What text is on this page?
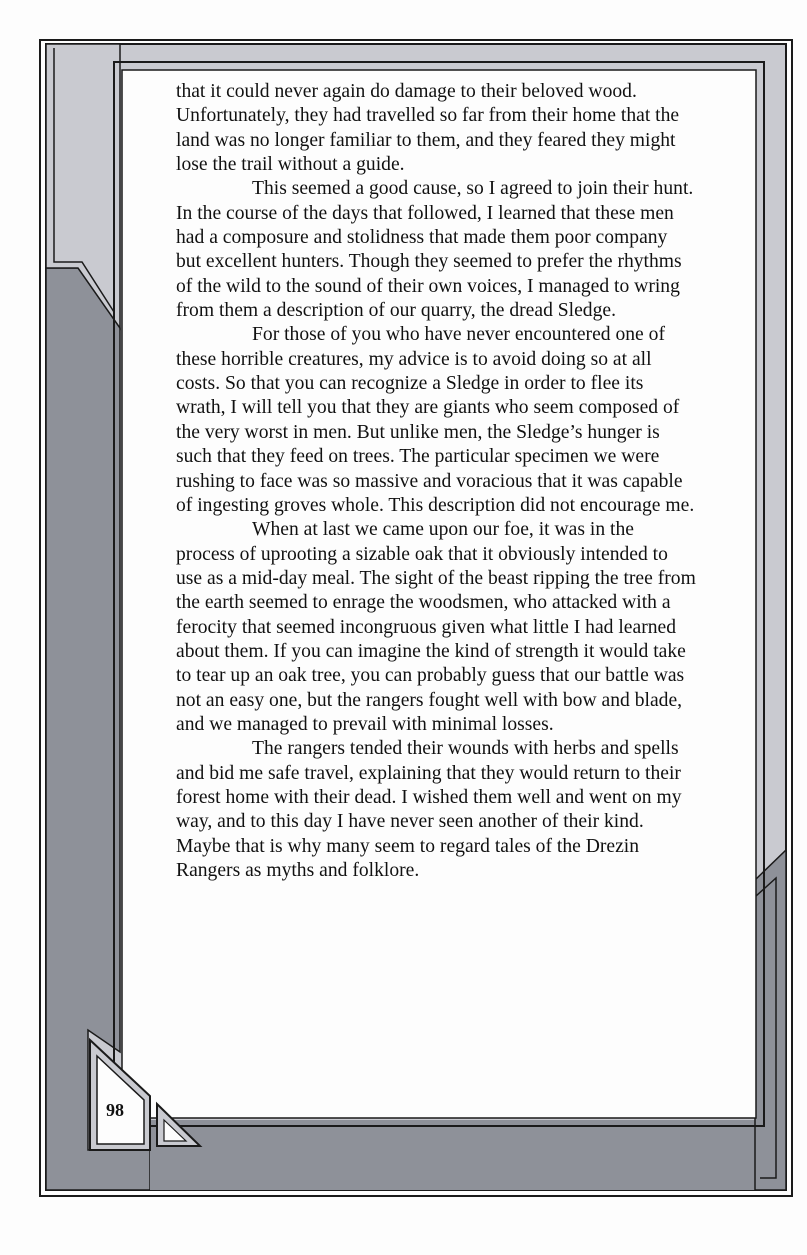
that it could never again do damage to their beloved wood. Unfortunately, they had travelled so far from their home that the land was no longer familiar to them, and they feared they might lose the trail without a guide.

This seemed a good cause, so I agreed to join their hunt. In the course of the days that followed, I learned that these men had a composure and stolidness that made them poor company but excellent hunters. Though they seemed to prefer the rhythms of the wild to the sound of their own voices, I managed to wring from them a description of our quarry, the dread Sledge.

For those of you who have never encountered one of these horrible creatures, my advice is to avoid doing so at all costs. So that you can recognize a Sledge in order to flee its wrath, I will tell you that they are giants who seem composed of the very worst in men. But unlike men, the Sledge’s hunger is such that they feed on trees. The particular specimen we were rushing to face was so massive and voracious that it was capable of ingesting groves whole. This description did not encourage me.

When at last we came upon our foe, it was in the process of uprooting a sizable oak that it obviously intended to use as a mid-day meal. The sight of the beast ripping the tree from the earth seemed to enrage the woodsmen, who attacked with a ferocity that seemed incongruous given what little I had learned about them. If you can imagine the kind of strength it would take to tear up an oak tree, you can probably guess that our battle was not an easy one, but the rangers fought well with bow and blade, and we managed to prevail with minimal losses.

The rangers tended their wounds with herbs and spells and bid me safe travel, explaining that they would return to their forest home with their dead. I wished them well and went on my way, and to this day I have never seen another of their kind. Maybe that is why many seem to regard tales of the Drezin Rangers as myths and folklore.

98
